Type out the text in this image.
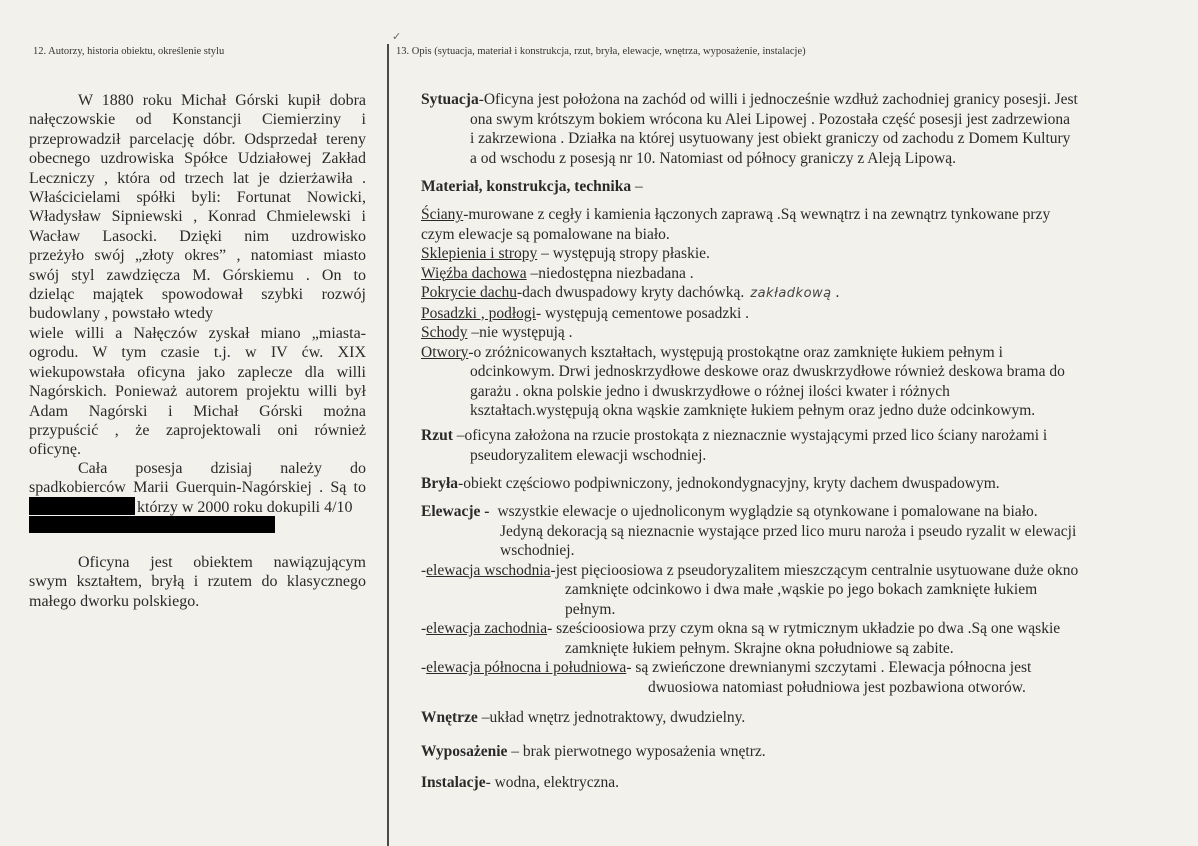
12. Autorzy, historia obiektu, określenie stylu
✓
13. Opis (sytuacja, materiał i konstrukcja, rzut, bryła, elewacje, wnętrza, wyposażenie, instalacje)
W 1880 roku Michał Górski kupił dobra
nałęczowskie od Konstancji Ciemierziny i
przeprowadził parcelację dóbr. Odsprzedał tereny
obecnego uzdrowiska Spółce Udziałowej Zakład
Leczniczy , która od trzech lat je dzierżawiła .
Właścicielami spółki byli: Fortunat Nowicki,
Władysław Sipniewski , Konrad Chmielewski i
Wacław Lasocki. Dzięki nim uzdrowisko
przeżyło swój „złoty okres” , natomiast miasto
swój styl zawdzięcza M. Górskiemu . On to
dzieląc majątek spowodował szybki rozwój
budowlany , powstało wtedy
wiele willi a Nałęczów zyskał miano „miasta-
ogrodu. W tym czasie t.j. w IV ćw. XIX
wiekupowstała oficyna jako zaplecze dla willi
Nagórskich. Ponieważ autorem projektu willi był
Adam Nagórski i Michał Górski można
przypuścić , że zaprojektowali oni również
oficynę.
Cała posesja dzisiaj należy do
spadkobierców Marii Guerquin-Nagórskiej . Są to
którzy w 2000 roku dokupili 4/10
Oficyna jest obiektem nawiązującym
swym kształtem, bryłą i rzutem do klasycznego
małego dworku polskiego.
Sytuacja-Oficyna jest położona na zachód od willi i jednocześnie wzdłuż zachodniej granicy posesji. Jest
ona swym krótszym bokiem wrócona ku Alei Lipowej . Pozostała część posesji jest zadrzewiona
i zakrzewiona . Działka na której usytuowany jest obiekt graniczy od zachodu z Domem Kultury
a od wschodu z posesją nr 10. Natomiast od północy graniczy z Aleją Lipową.
Materiał, konstrukcja, technika –
Ściany-murowane z cegły i kamienia łączonych zaprawą .Są wewnątrz i na zewnątrz tynkowane przy
czym elewacje są pomalowane na biało.
Sklepienia i stropy – występują stropy płaskie.
Więźba dachowa –niedostępna niezbadana .
Pokrycie dachu-dach dwuspadowy kryty dachówką. zakładkową .
Posadzki , podłogi- występują cementowe posadzki .
Schody –nie występują .
Otwory-o zróżnicowanych kształtach, występują prostokątne oraz zamknięte łukiem pełnym i
odcinkowym. Drwi jednoskrzydłowe deskowe oraz dwuskrzydłowe również deskowa brama do
garażu . okna polskie jedno i dwuskrzydłowe o różnej ilości kwater i różnych
kształtach.występują okna wąskie zamknięte łukiem pełnym oraz jedno duże odcinkowym.
Rzut –oficyna założona na rzucie prostokąta z nieznacznie wystającymi przed lico ściany narożami i
pseudoryzalitem elewacji wschodniej.
Bryła-obiekt częściowo podpiwniczony, jednokondygnacyjny, kryty dachem dwuspadowym.
Elewacje - wszystkie elewacje o ujednoliconym wyglądzie są otynkowane i pomalowane na biało.
Jedyną dekoracją są nieznacnie wystające przed lico muru naroża i pseudo ryzalit w elewacji
wschodniej.
-elewacja wschodnia-jest pięcioosiowa z pseudoryzalitem mieszczącym centralnie usytuowane duże okno
zamknięte odcinkowo i dwa małe ,wąskie po jego bokach zamknięte łukiem
pełnym.
-elewacja zachodnia- sześcioosiowa przy czym okna są w rytmicznym układzie po dwa .Są one wąskie
zamknięte łukiem pełnym. Skrajne okna południowe są zabite.
-elewacja północna i południowa- są zwieńczone drewnianymi szczytami . Elewacja północna jest
dwuosiowa natomiast południowa jest pozbawiona otworów.
Wnętrze –układ wnętrz jednotraktowy, dwudzielny.
Wyposażenie – brak pierwotnego wyposażenia wnętrz.
Instalacje- wodna, elektryczna.
